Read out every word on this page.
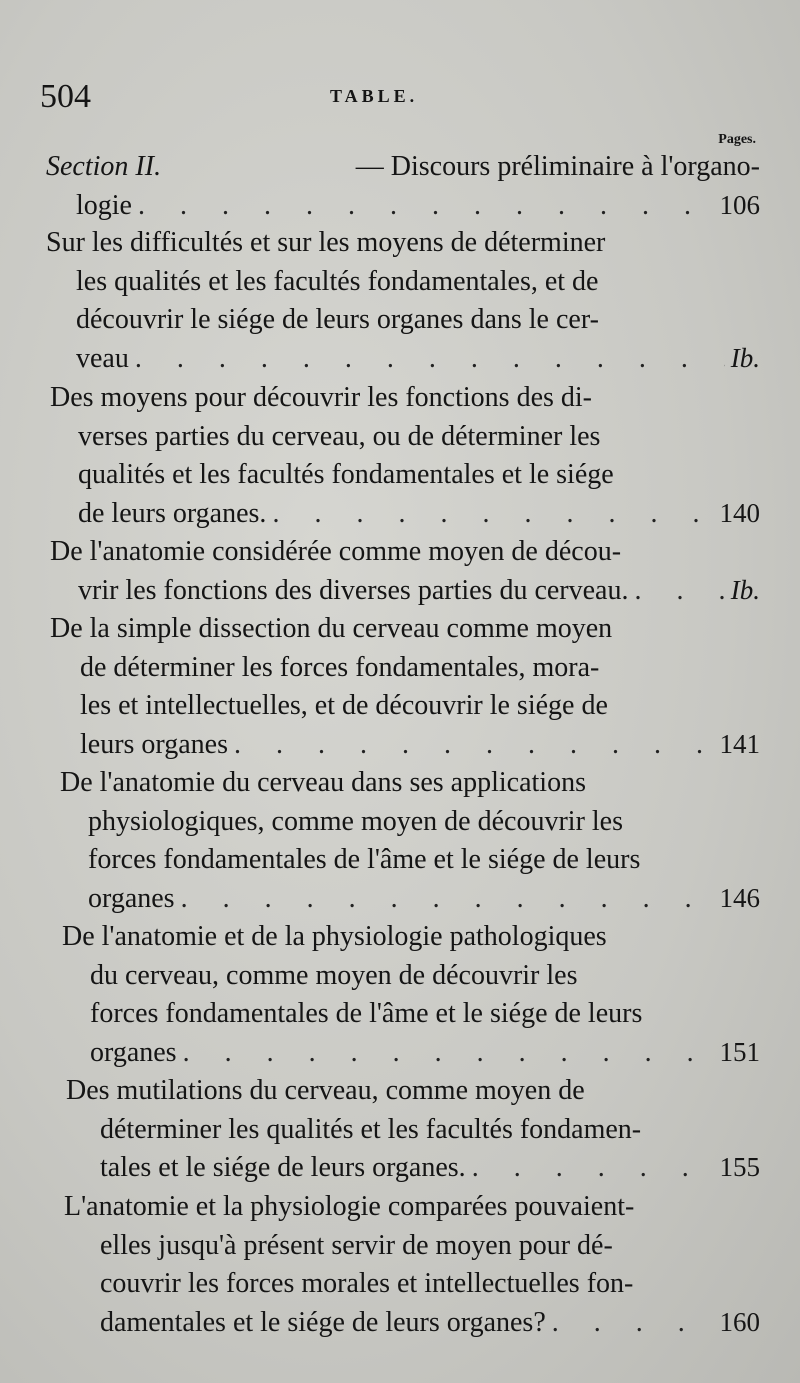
504	TABLE.
Pages.
Section II.
	— Discours préliminaire à l'organo-
logie . . .	106
Sur les difficultés et sur les moyens de déterminer
les qualités et les facultés fondamentales, et de
découvrir le siége de leurs organes dans le cer-
veau . . .	Ib.
Des moyens pour découvrir les fonctions des di-
verses parties du cerveau, ou de déterminer les
qualités et les facultés fondamentales et le siége
de leurs organes. . . .	140
De l'anatomie considérée comme moyen de décou-
vrir les fonctions des diverses parties du cerveau. . . .	Ib.
De la simple dissection du cerveau comme moyen
de déterminer les forces fondamentales, mora-
les et intellectuelles, et de découvrir le siége de
leurs organes . . .	141
De l'anatomie du cerveau dans ses applications
physiologiques, comme moyen de découvrir les
forces fondamentales de l'âme et le siége de leurs
organes . . .	146
De l'anatomie et de la physiologie pathologiques
du cerveau, comme moyen de découvrir les
forces fondamentales de l'âme et le siége de leurs
organes . . .	151
Des mutilations du cerveau, comme moyen de
déterminer les qualités et les facultés fondamen-
tales et le siége de leurs organes. . . .	155
L'anatomie et la physiologie comparées pouvaient-
elles jusqu'à présent servir de moyen pour dé-
couvrir les forces morales et intellectuelles fon-
damentales et le siége de leurs organes? . . .	160
